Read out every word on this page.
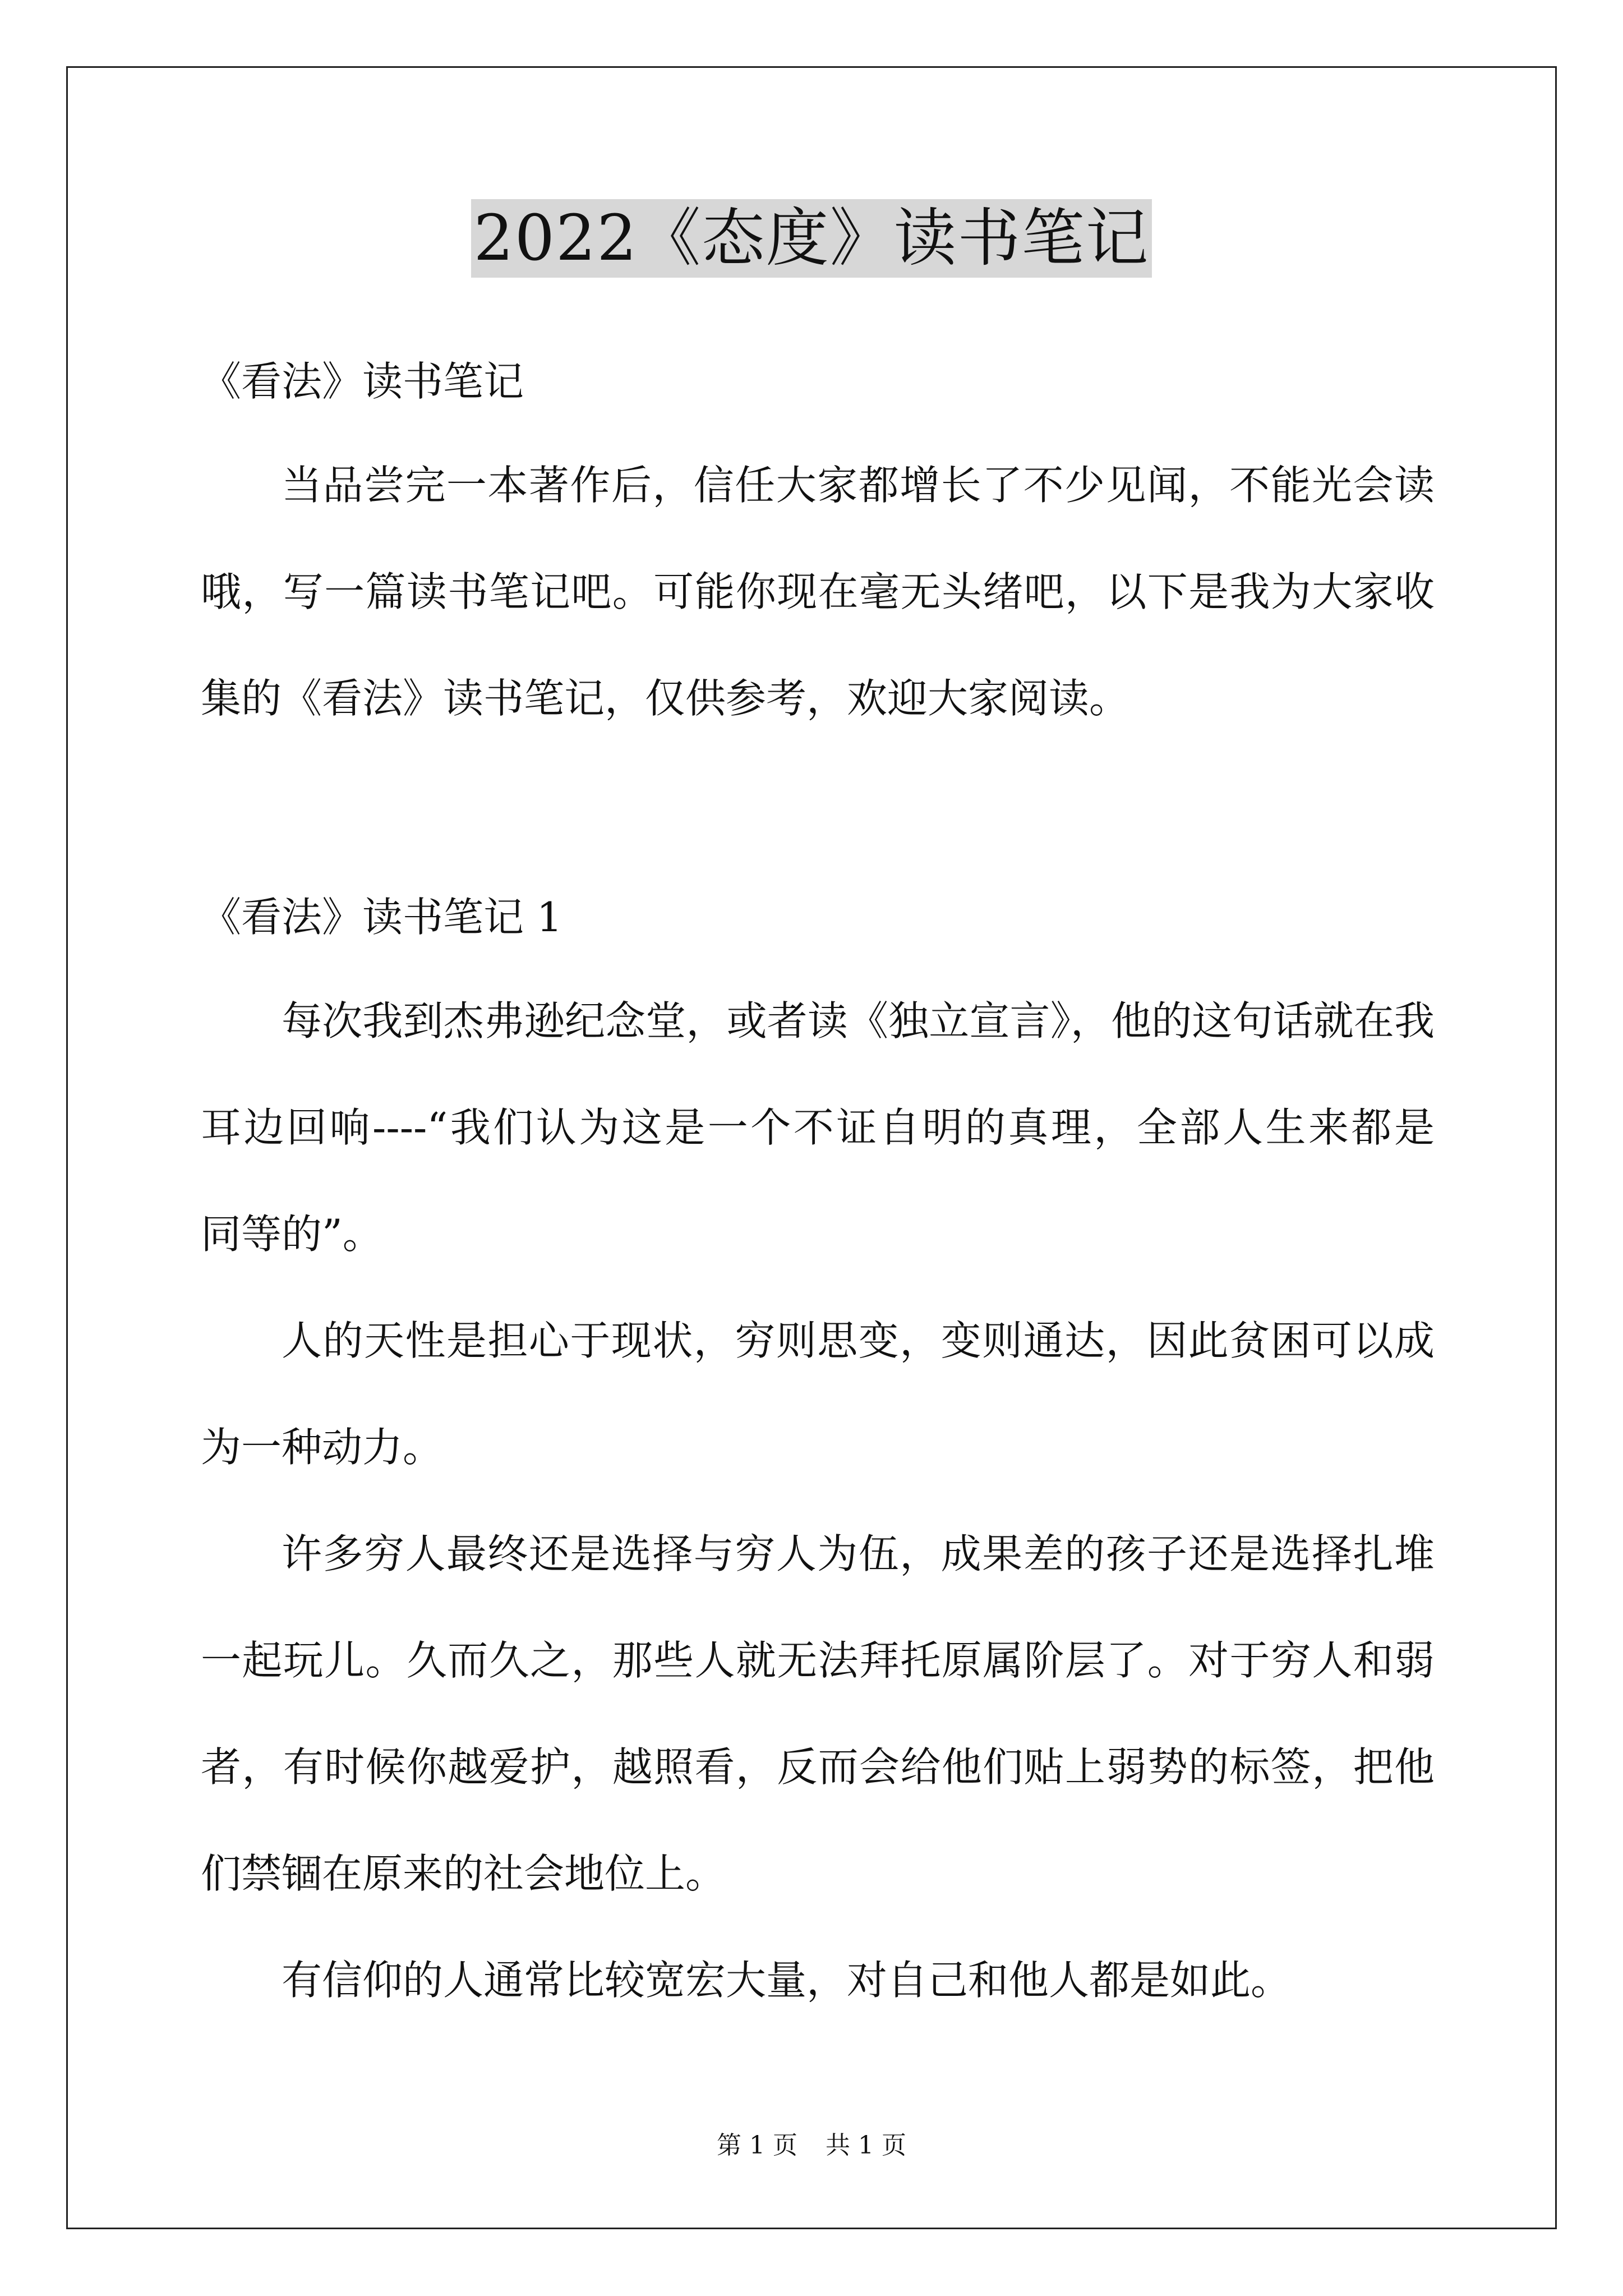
2022《态度》读书笔记
《看法》读书笔记
当品尝完一本著作后，信任大家都增长了不少见闻，不能光会读
哦，写一篇读书笔记吧。可能你现在毫无头绪吧，以下是我为大家收
集的《看法》读书笔记，仅供参考，欢迎大家阅读。
《看法》读书笔记 1
每次我到杰弗逊纪念堂，或者读《独立宣言》，他的这句话就在我
耳边回响----“我们认为这是一个不证自明的真理，全部人生来都是
同等的”。
人的天性是担心于现状，穷则思变，变则通达，因此贫困可以成
为一种动力。
许多穷人最终还是选择与穷人为伍，成果差的孩子还是选择扎堆
一起玩儿。久而久之，那些人就无法拜托原属阶层了。对于穷人和弱
者，有时候你越爱护，越照看，反而会给他们贴上弱势的标签，把他
们禁锢在原来的社会地位上。
有信仰的人通常比较宽宏大量，对自己和他人都是如此。
第 1 页 共 1 页
